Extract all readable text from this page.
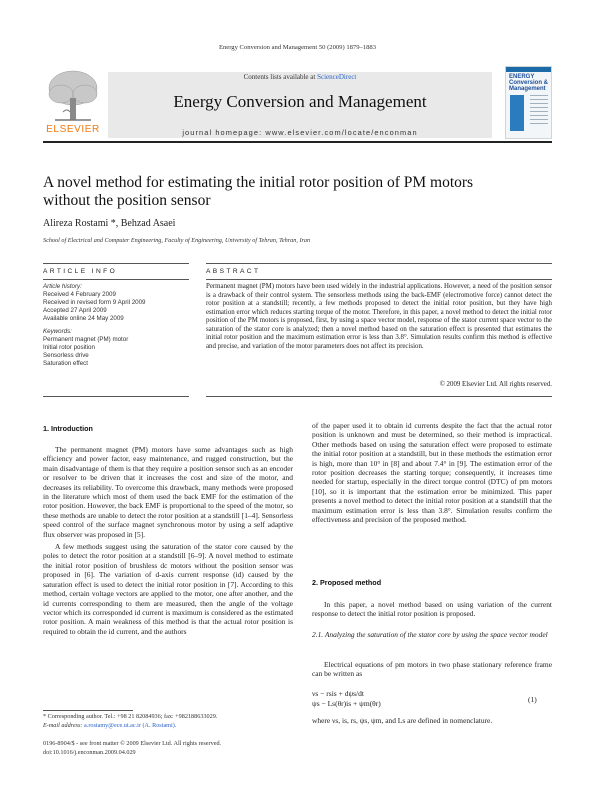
Energy Conversion and Management 50 (2009) 1879–1883
ELSEVIER
Contents lists available at ScienceDirect
Energy Conversion and Management
journal homepage: www.elsevier.com/locate/enconman
ENERGY Conversion & Management
A novel method for estimating the initial rotor position of PM motors without the position sensor
Alireza Rostami *, Behzad Asaei
School of Electrical and Computer Engineering, Faculty of Engineering, University of Tehran, Tehran, Iran
ARTICLE INFO
Article history:
Received 4 February 2009
Received in revised form 9 April 2009
Accepted 27 April 2009
Available online 24 May 2009
Keywords:
Permanent magnet (PM) motor
Initial rotor position
Sensorless drive
Saturation effect
ABSTRACT
Permanent magnet (PM) motors have been used widely in the industrial applications. However, a need of the position sensor is a drawback of their control system. The sensorless methods using the back-EMF (electromotive force) cannot detect the rotor position at a standstill; recently, a few methods proposed to detect the initial rotor position, but they have high estimation error which reduces starting torque of the motor. Therefore, in this paper, a novel method to detect the initial rotor position of the PM motors is proposed, first, by using a space vector model, response of the stator current space vector to the saturation of the stator core is analyzed; then a novel method based on the saturation effect is presented that estimates the initial rotor position and the maximum estimation error is less than 3.8°. Simulation results confirm this method is effective and precise, and variation of the motor parameters does not affect its precision.
© 2009 Elsevier Ltd. All rights reserved.
1. Introduction

The permanent magnet (PM) motors have some advantages such as high efficiency and power factor, easy maintenance, and rugged construction, but the main disadvantage of them is that they require a position sensor such as an encoder or resolver to be driven that it increases the cost and size of the motor, and decreases its reliability. To overcome this drawback, many methods were proposed in the literature which most of them used the back EMF for the estimation of the rotor position. However, the back EMF is proportional to the speed of the motor, so these methods are unable to detect the rotor position at a standstill [1–4]. Sensorless speed control of the surface magnet synchronous motor by using a self adaptive flux observer was proposed in [5].

A few methods suggest using the saturation of the stator core caused by the poles to detect the rotor position at a standstill [6–9]. A novel method to estimate the initial rotor position of brushless dc motors without the position sensor was proposed in [6]. The variation of d-axis current response (id) caused by the saturation effect is used to detect the initial rotor position in [7]. According to this method, certain voltage vectors are applied to the motor, one after another, and the id currents corresponding to them are measured, then the angle of the voltage vector which its corresponded id current is maximum is considered as the estimated rotor position. A main weakness of this method is that the actual rotor position is required to obtain the id current, and the authors

* Corresponding author. Tel.: +98 21 82084936; fax: +982188633029.
E-mail address: a.rostamy@ece.ut.ac.ir (A. Rostami).
0196-8904/$ - see front matter © 2009 Elsevier Ltd. All rights reserved.
doi:10.1016/j.enconman.2009.04.029

of the paper used it to obtain id currents despite the fact that the actual rotor position is unknown and must be determined, so their method is impractical. Other methods based on using the saturation effect were proposed to estimate the initial rotor position at a standstill, but in these methods the estimation error is high, more than 10° in [8] and about 7.4° in [9]. The estimation error of the rotor position decreases the starting torque; consequently, it increases time needed for startup, especially in the direct torque control (DTC) of pm motors [10], so it is important that the estimation error be minimized. This paper presents a novel method to detect the initial rotor position at a standstill that the maximum estimation error is less than 3.8°. Simulation results confirm the effectiveness and precision of the proposed method.

2. Proposed method

In this paper, a novel method based on using variation of the current response to detect the initial rotor position is proposed.

2.1. Analyzing the saturation of the stator core by using the space vector model

Electrical equations of pm motors in two phase stationary reference frame can be written as

νs − rsis + dψs/dt
ψs − Ls(θr)is + ψm(θr)	(1)

where νs, is, rs, ψs, ψm, and Ls are defined in nomenclature.
